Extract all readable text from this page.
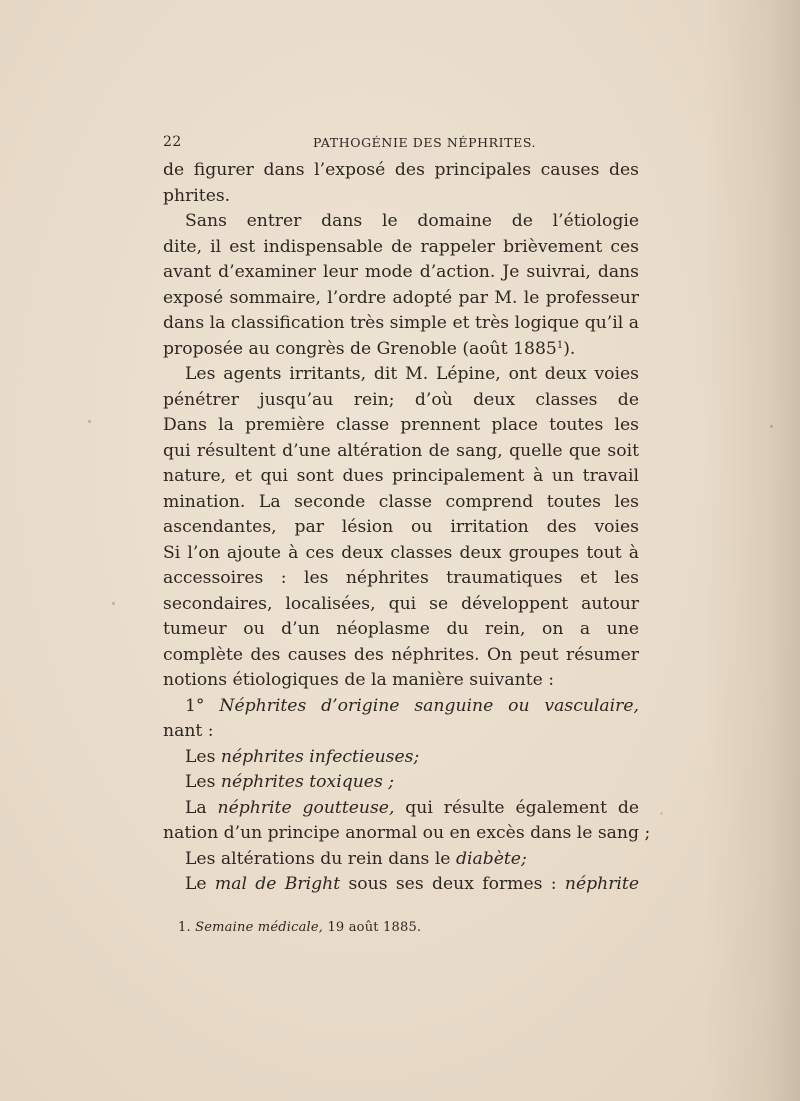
22	PATHOGÉNIE DES NÉPHRITES.
de figurer dans l’exposé des principales causes des
phrites.
Sans entrer dans le domaine de l’étiologie
dite, il est indispensable de rappeler brièvement ces
avant d’examiner leur mode d’action. Je suivrai, dans
exposé sommaire, l’ordre adopté par M. le professeur
dans la classification très simple et très logique qu’il a
proposée au congrès de Grenoble (août 1885$^1$).
Les agents irritants, dit M. Lépine, ont deux voies
pénétrer jusqu’au rein; d’où deux classes de
Dans la première classe prennent place toutes les
qui résultent d’une altération de sang, quelle que soit
nature, et qui sont dues principalement à un travail
mination. La seconde classe comprend toutes les
ascendantes, par lésion ou irritation des voies
Si l’on ajoute à ces deux classes deux groupes tout à
accessoires : les néphrites traumatiques et les
secondaires, localisées, qui se développent autour
tumeur ou d’un néoplasme du rein, on a une
complète des causes des néphrites. On peut résumer
notions étiologiques de la manière suivante :
1° Néphrites d’origine sanguine ou vasculaire,
nant :
Les néphrites infectieuses;
Les néphrites toxiques ;
La néphrite goutteuse, qui résulte également de
nation d’un principe anormal ou en excès dans le sang ;
Les altérations du rein dans le diabète;
Le mal de Bright sous ses deux formes : néphrite
1. Semaine médicale, 19 août 1885.
